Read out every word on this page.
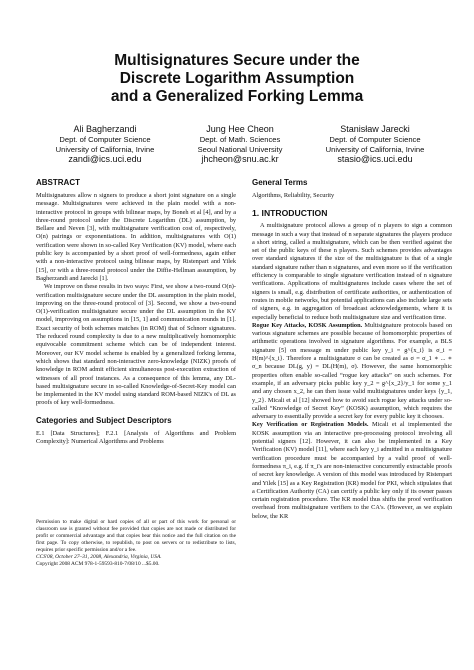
Multisignatures Secure under the
Discrete Logarithm Assumption
and a Generalized Forking Lemma
Ali Bagherzandi
Dept. of Computer Science
University of California, Irvine
zandi@ics.uci.edu
Jung Hee Cheon
Dept. of Math. Sciences
Seoul National University
jhcheon@snu.ac.kr
Stanisław Jarecki
Dept. of Computer Science
University of California, Irvine
stasio@ics.uci.edu
ABSTRACT

Multisignatures allow n signers to produce a short joint signature on a single message. Multisignatures were achieved in the plain model with a non-interactive protocol in groups with bilinear maps, by Boneh et al [4], and by a three-round protocol under the Discrete Logarithm (DL) assumption, by Bellare and Neven [3], with multisignature verification cost of, respectively, O(n) pairings or exponentiations. In addition, multisignatures with O(1) verification were shown in so-called Key Verification (KV) model, where each public key is accompanied by a short proof of well-formedness, again either with a non-interactive protocol using bilinear maps, by Ristenpart and Yilek [15], or with a three-round protocol under the Diffie-Hellman assumption, by Bagherzandi and Jarecki [1].

We improve on these results in two ways: First, we show a two-round O(n)-verification multisignature secure under the DL assumption in the plain model, improving on the three-round protocol of [3]. Second, we show a two-round O(1)-verification multisignature secure under the DL assumption in the KV model, improving on assumptions in [15, 1] and communication rounds in [1]. Exact security of both schemes matches (in ROM) that of Schnorr signatures. The reduced round complexity is due to a new multiplicatively homomorphic equivocable commitment scheme which can be of independent interest. Moreover, our KV model scheme is enabled by a generalized forking lemma, which shows that standard non-interactive zero-knowledge (NIZK) proofs of knowledge in ROM admit efficient simultaneous post-execution extraction of witnesses of all proof instances. As a consequence of this lemma, any DL-based multisignature secure in so-called Knowledge-of-Secret-Key model can be implemented in the KV model using standard ROM-based NIZK's of DL as proofs of key well-formedness.

Categories and Subject Descriptors

E.1 [Data Structures]; F.2.1 [Analysis of Algorithms and Problem Complexity]: Numerical Algorithms and Problems

Permission to make digital or hard copies of all or part of this work for personal or classroom use is granted without fee provided that copies are not made or distributed for profit or commercial advantage and that copies bear this notice and the full citation on the first page. To copy otherwise, to republish, to post on servers or to redistribute to lists, requires prior specific permission and/or a fee.

CCS'08, October 27–31, 2008, Alexandria, Virginia, USA.

Copyright 2008 ACM 978-1-59593-810-7/08/10 ...$5.00.

General Terms

Algorithms, Reliability, Security

1. INTRODUCTION

A multisignature protocol allows a group of n players to sign a common message in such a way that instead of n separate signatures the players produce a short string, called a multisignature, which can be then verified against the set of the public keys of these n players. Such schemes provides advantages over standard signatures if the size of the multisignature is that of a single standard signature rather than n signatures, and even more so if the verification efficiency is comparable to single signature verification instead of n signature verifications. Applications of multisignatures include cases where the set of signers is small, e.g. distribution of certificate authorities, or authentication of routes in mobile networks, but potential applications can also include large sets of signers, e.g. in aggregation of broadcast acknowledgements, where it is especially beneficial to reduce both multisignature size and verification time.

Rogue Key Attacks, KOSK Assumption. Multisignature protocols based on various signature schemes are possible because of homomorphic properties of arithmetic operations involved in signature algorithms. For example, a BLS signature [5] on message m under public key y_i = g^{x_i} is σ_i = H(m)^{x_i}. Therefore a multisignature σ can be created as σ = σ_1 ∗ ... ∗ σ_n because DL(g, y) = DL(H(m), σ). However, the same homomorphic properties often enable so-called “rogue key attacks” on such schemes. For example, if an adversary picks public key y_2 = g^{x_2}/y_1 for some y_1 and any chosen x_2, he can then issue valid multisignatures under keys {y_1, y_2}. Micali et al [12] showed how to avoid such rogue key attacks under so-called “Knowledge of Secret Key” (KOSK) assumption, which requires the adversary to essentially provide a secret key for every public key it chooses.

Key Verification or Registration Models. Micali et al implemented the KOSK assumption via an interactive pre-processing protocol involving all potential signers [12]. However, it can also be implemented in a Key Verification (KV) model [11], where each key y_i admitted in a multisignature verification procedure must be accompanied by a valid proof of well-formedness π_i, e.g. if π_i's are non-interactive concurrently extractable proofs of secret key knowledge. A version of this model was introduced by Ristenpart and Yilek [15] as a Key Registration (KR) model for PKI, which stipulates that a Certification Authority (CA) can certify a public key only if its owner passes certain registration procedure. The KR model thus shifts the proof verification overhead from multisignature verifiers to the CA's. (However, as we explain below, the KR
